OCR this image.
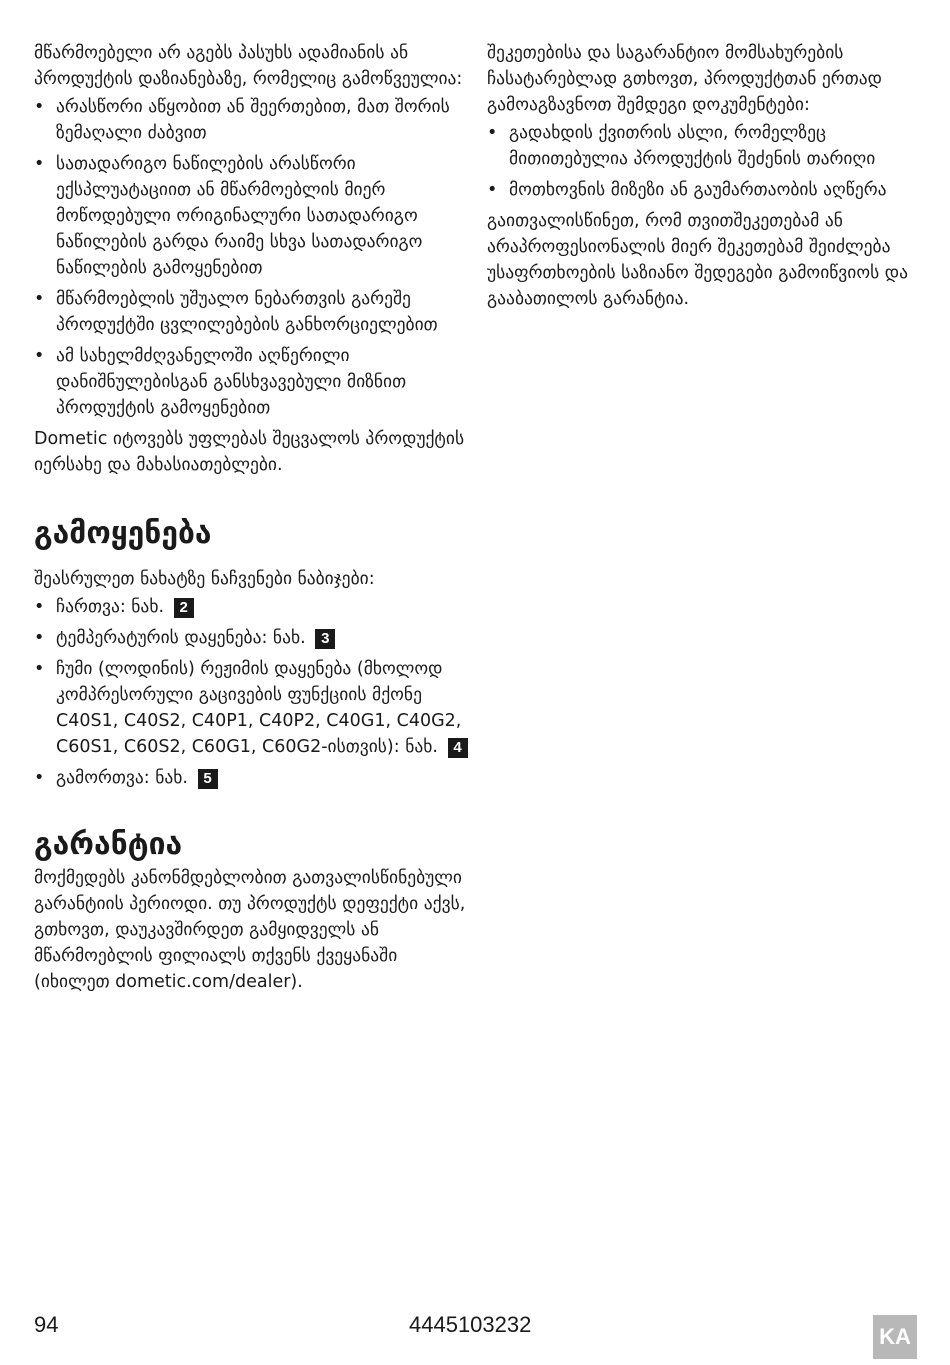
მწარმოებელი არ აგებს პასუხს ადამიანის ან პროდუქტის დაზიანებაზე, რომელიც გამოწვეულია:

• არასწორი აწყობით ან შეერთებით, მათ შორის ზემაღალი ძაბვით
• სათადარიგო ნაწილების არასწორი ექსპლუატაციით ან მწარმოებლის მიერ მოწოდებული ორიგინალური სათადარიგო ნაწილების გარდა რაიმე სხვა სათადარიგო ნაწილების გამოყენებით
• მწარმოებლის უშუალო ნებართვის გარეშე პროდუქტში ცვლილებების განხორციელებით
• ამ სახელმძღვანელოში აღწერილი დანიშნულებისგან განსხვავებული მიზნით პროდუქტის გამოყენებით

Dometic იტოვებს უფლებას შეცვალოს პროდუქტის იერსახე და მახასიათებლები.

გამოყენება

შეასრულეთ ნახატზე ნაჩვენები ნაბიჯები:

• ჩართვა: ნახ. 2
• ტემპერატურის დაყენება: ნახ. 3
• ჩუმი (ლოდინის) რეჟიმის დაყენება (მხოლოდ კომპრესორული გაცივების ფუნქციის მქონე C40S1, C40S2, C40P1, C40P2, C40G1, C40G2, C60S1, C60S2, C60G1, C60G2-ისთვის): ნახ. 4
• გამორთვა: ნახ. 5
გარანტია

მოქმედებს კანონმდებლობით გათვალისწინებული გარანტიის პერიოდი. თუ პროდუქტს დეფექტი აქვს, გთხოვთ, დაუკავშირდეთ გამყიდველს ან მწარმოებლის ფილიალს თქვენს ქვეყანაში (იხილეთ dometic.com/dealer).

შეკეთებისა და საგარანტიო მომსახურების ჩასატარებლად გთხოვთ, პროდუქტთან ერთად გამოაგზავნოთ შემდეგი დოკუმენტები:

• გადახდის ქვითრის ასლი, რომელზეც მითითებულია პროდუქტის შეძენის თარიღი
• მოთხოვნის მიზეზი ან გაუმართაობის აღწერა

გაითვალისწინეთ, რომ თვითშეკეთებამ ან არაპროფესიონალის მიერ შეკეთებამ შეიძლება უსაფრთხოების საზიანო შედეგები გამოიწვიოს და გააბათილოს გარანტია.

94	4445103232	KA
